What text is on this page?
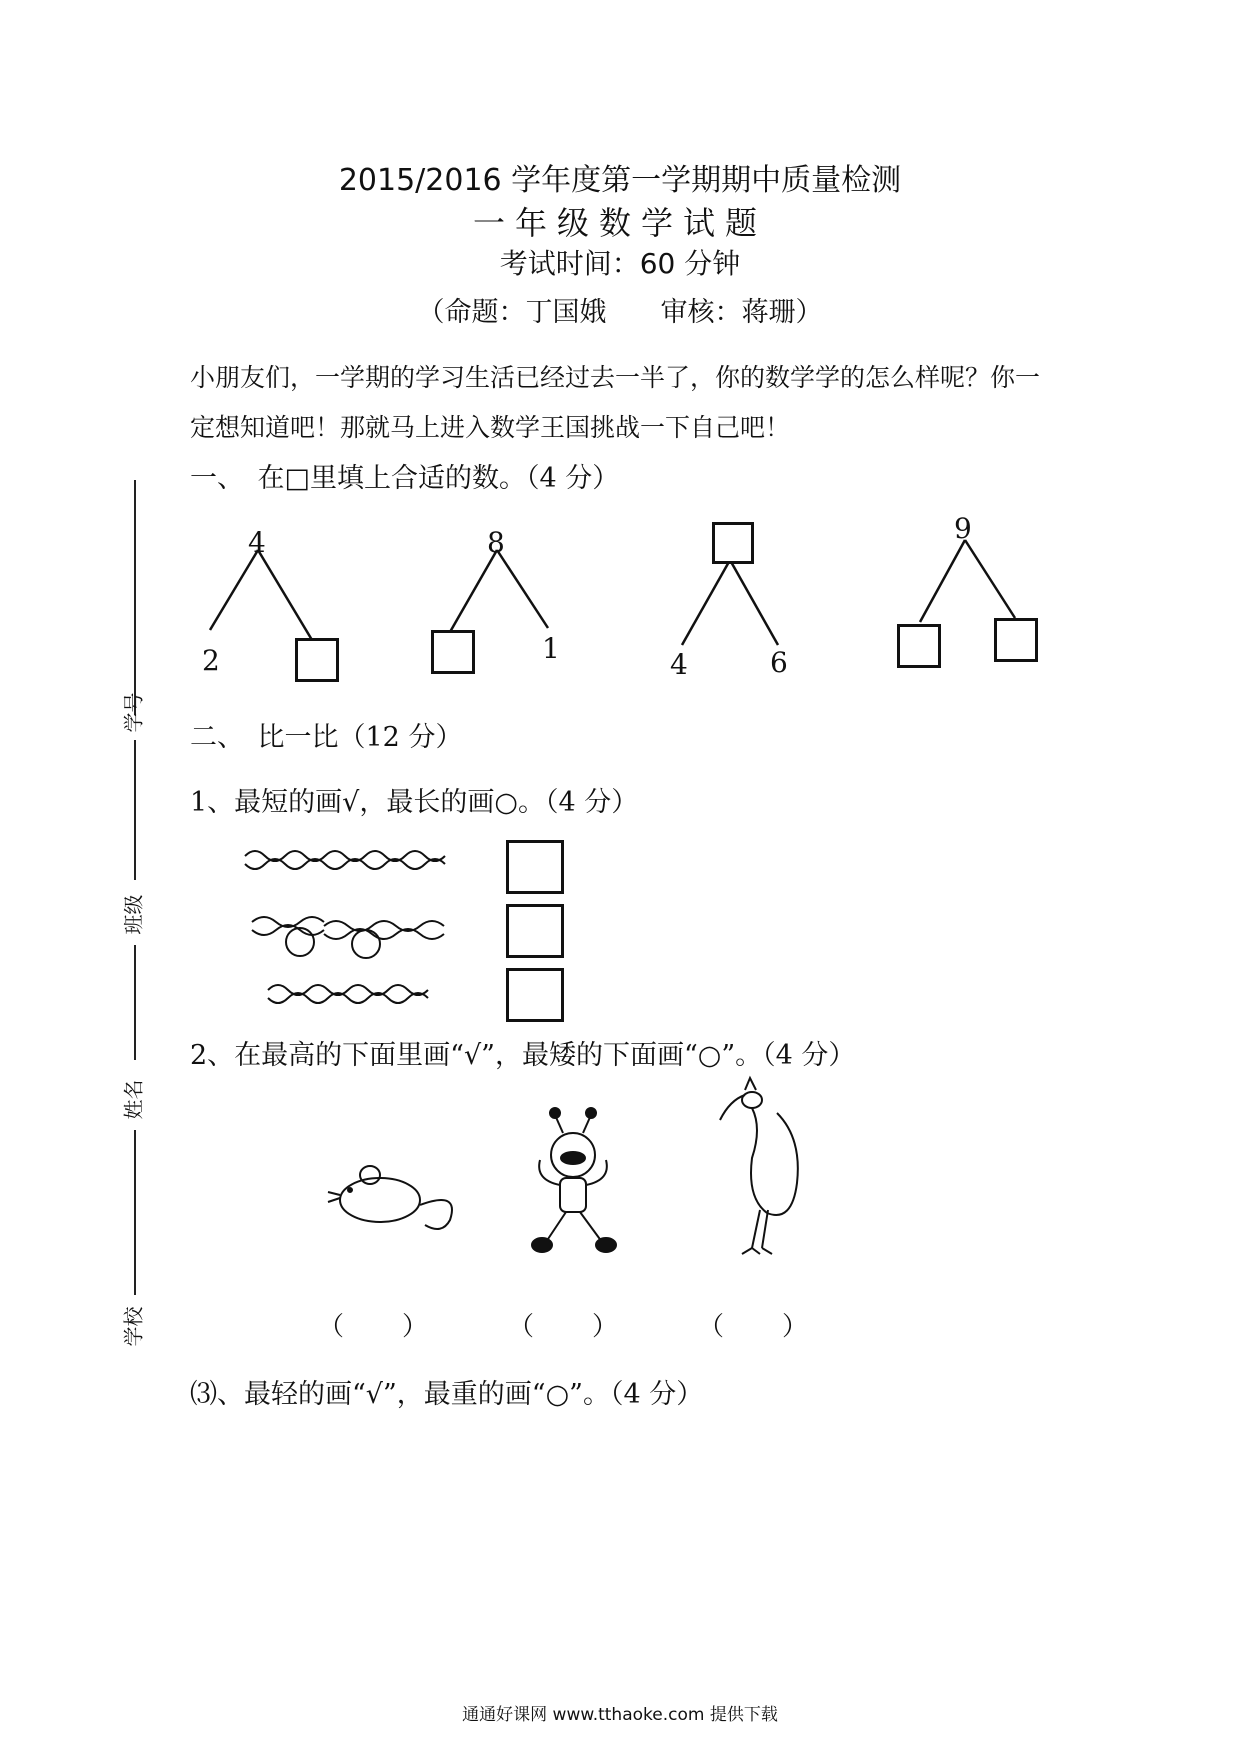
2015/2016 学年度第一学期期中质量检测
一年级数学试题
考试时间：60 分钟
（命题：丁国娥　　审核：蒋珊）
小朋友们，一学期的学习生活已经过去一半了，你的数学学的怎么样呢？你一
定想知道吧！那就马上进入数学王国挑战一下自己吧！
一、　在□里填上合适的数。（4 分）
学号
班级
姓名
学校
4
2
8
1	4	6
9
二、　比一比（12 分）
1、最短的画√，最长的画○。（4 分）
2、在最高的下面里画“√”，最矮的下面画“○”。（4 分）
（　　）	（　　）	（　　）
⑶、最轻的画“√”，最重的画“○”。（4 分）
通通好课网 www.tthaoke.com 提供下载
